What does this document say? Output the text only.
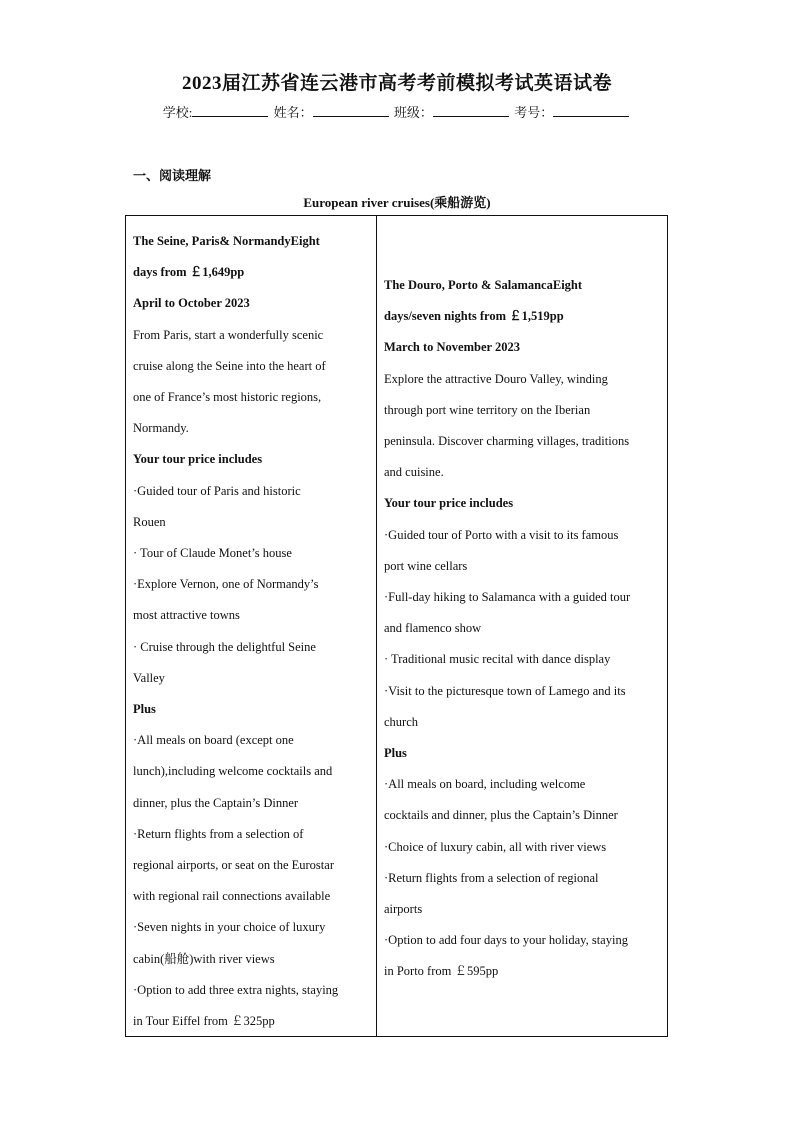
2023届江苏省连云港市高考考前模拟考试英语试卷
学校:	姓名：	班级：	考号：
一、阅读理解
European river cruises(乘船游览)
The Seine, Paris& NormandyEight
days from ￡1,649pp
April to October 2023
From Paris, start a wonderfully scenic
cruise along the Seine into the heart of
one of France’s most historic regions,
Normandy.
Your tour price includes
·Guided tour of Paris and historic
Rouen
· Tour of Claude Monet’s house
·Explore Vernon, one of Normandy’s
most attractive towns
· Cruise through the delightful Seine
Valley
Plus
·All meals on board (except one
lunch),including welcome cocktails and
dinner, plus the Captain’s Dinner
·Return flights from a selection of
regional airports, or seat on the Eurostar
with regional rail connections available
·Seven nights in your choice of luxury
cabin(船舱)with river views
·Option to add three extra nights, staying
in Tour Eiffel from ￡325pp
The Douro, Porto & SalamancaEight
days/seven nights from ￡1,519pp
March to November 2023
Explore the attractive Douro Valley, winding
through port wine territory on the Iberian
peninsula. Discover charming villages, traditions
and cuisine.
Your tour price includes
·Guided tour of Porto with a visit to its famous
port wine cellars
·Full-day hiking to Salamanca with a guided tour
and flamenco show
· Traditional music recital with dance display
·Visit to the picturesque town of Lamego and its
church
Plus
·All meals on board, including welcome
cocktails and dinner, plus the Captain’s Dinner
·Choice of luxury cabin, all with river views
·Return flights from a selection of regional
airports
·Option to add four days to your holiday, staying
in Porto from ￡595pp
